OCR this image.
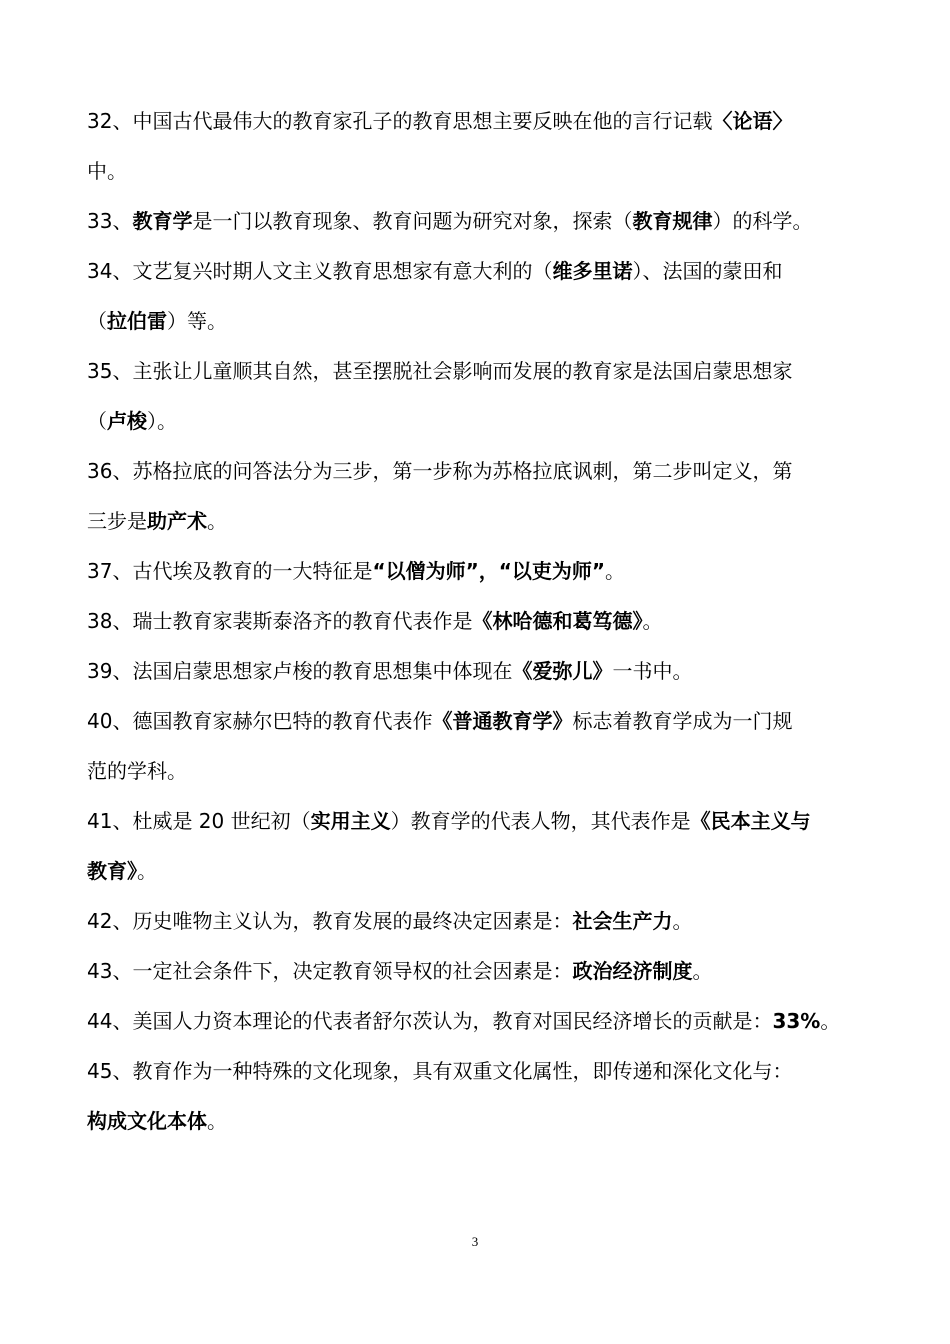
32、中国古代最伟大的教育家孔子的教育思想主要反映在他的言行记载〈论语〉

中。

33、教育学是一门以教育现象、教育问题为研究对象，探索（教育规律）的科学。

34、文艺复兴时期人文主义教育思想家有意大利的（维多里诺）、法国的蒙田和

（拉伯雷）等。

35、主张让儿童顺其自然，甚至摆脱社会影响而发展的教育家是法国启蒙思想家

（卢梭）。

36、苏格拉底的问答法分为三步，第一步称为苏格拉底讽刺，第二步叫定义，第

三步是助产术。

37、古代埃及教育的一大特征是“以僧为师”，“以吏为师”。

38、瑞士教育家裴斯泰洛齐的教育代表作是《林哈德和葛笃德》。

39、法国启蒙思想家卢梭的教育思想集中体现在《爱弥儿》一书中。

40、德国教育家赫尔巴特的教育代表作《普通教育学》标志着教育学成为一门规

范的学科。

41、杜威是 20 世纪初（实用主义）教育学的代表人物，其代表作是《民本主义与

教育》。

42、历史唯物主义认为，教育发展的最终决定因素是：社会生产力。

43、一定社会条件下，决定教育领导权的社会因素是：政治经济制度。

44、美国人力资本理论的代表者舒尔茨认为，教育对国民经济增长的贡献是：33%。

45、教育作为一种特殊的文化现象，具有双重文化属性，即传递和深化文化与：

构成文化本体。

3
